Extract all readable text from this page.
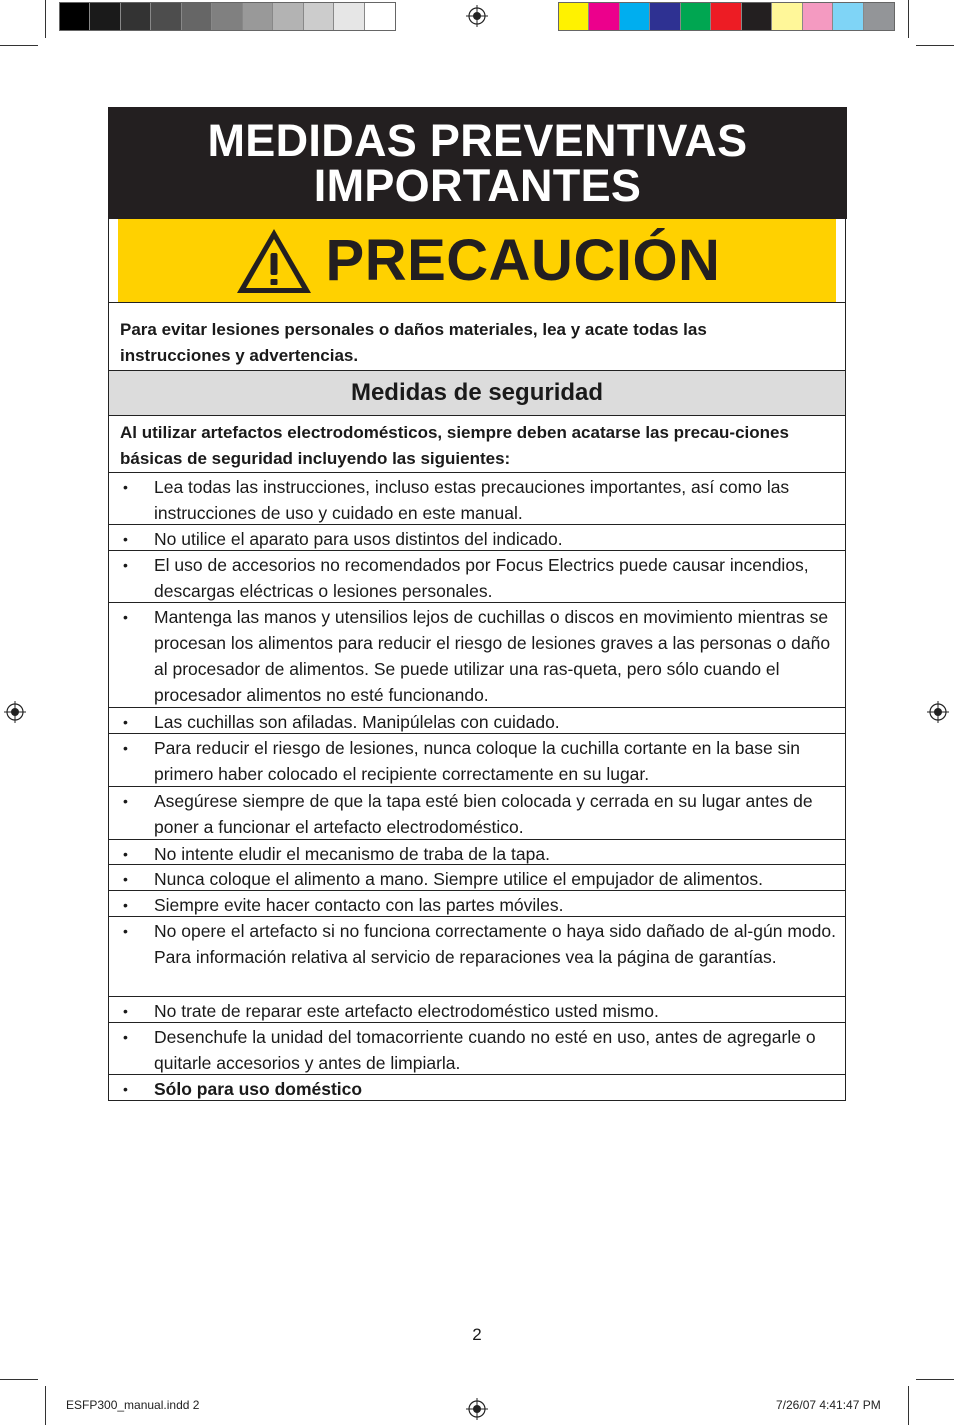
MEDIDAS PREVENTIVAS
IMPORTANTES
PRECAUCIÓN
Para evitar lesiones personales o daños materiales, lea y acate todas las instrucciones y advertencias.
Medidas de seguridad
Al utilizar artefactos electrodomésticos, siempre deben acatarse las precau-ciones básicas de seguridad incluyendo las siguientes:
• Lea todas las instrucciones, incluso estas precauciones importantes, así como las instrucciones de uso y cuidado en este manual.
• No utilice el aparato para usos distintos del indicado.
• El uso de accesorios no recomendados por Focus Electrics puede causar incendios, descargas eléctricas o lesiones personales.
• Mantenga las manos y utensilios lejos de cuchillas o discos en movimiento mientras se procesan los alimentos para reducir el riesgo de lesiones graves a las personas o daño al procesador de alimentos. Se puede utilizar una ras-queta, pero sólo cuando el procesador alimentos no esté funcionando.
• Las cuchillas son afiladas. Manipúlelas con cuidado.
• Para reducir el riesgo de lesiones, nunca coloque la cuchilla cortante en la base sin primero haber colocado el recipiente correctamente en su lugar.
• Asegúrese siempre de que la tapa esté bien colocada y cerrada en su lugar antes de poner a funcionar el artefacto electrodoméstico.
• No intente eludir el mecanismo de traba de la tapa.
• Nunca coloque el alimento a mano. Siempre utilice el empujador de alimentos.
• Siempre evite hacer contacto con las partes móviles.
• No opere el artefacto si no funciona correctamente o haya sido dañado de al-gún modo. Para información relativa al servicio de reparaciones vea la página de garantías.
• No trate de reparar este artefacto electrodoméstico usted mismo.
• Desenchufe la unidad del tomacorriente cuando no esté en uso, antes de agregarle o quitarle accesorios y antes de limpiarla.
• Sólo para uso doméstico
2
ESFP300_manual.indd 2	7/26/07 4:41:47 PM
